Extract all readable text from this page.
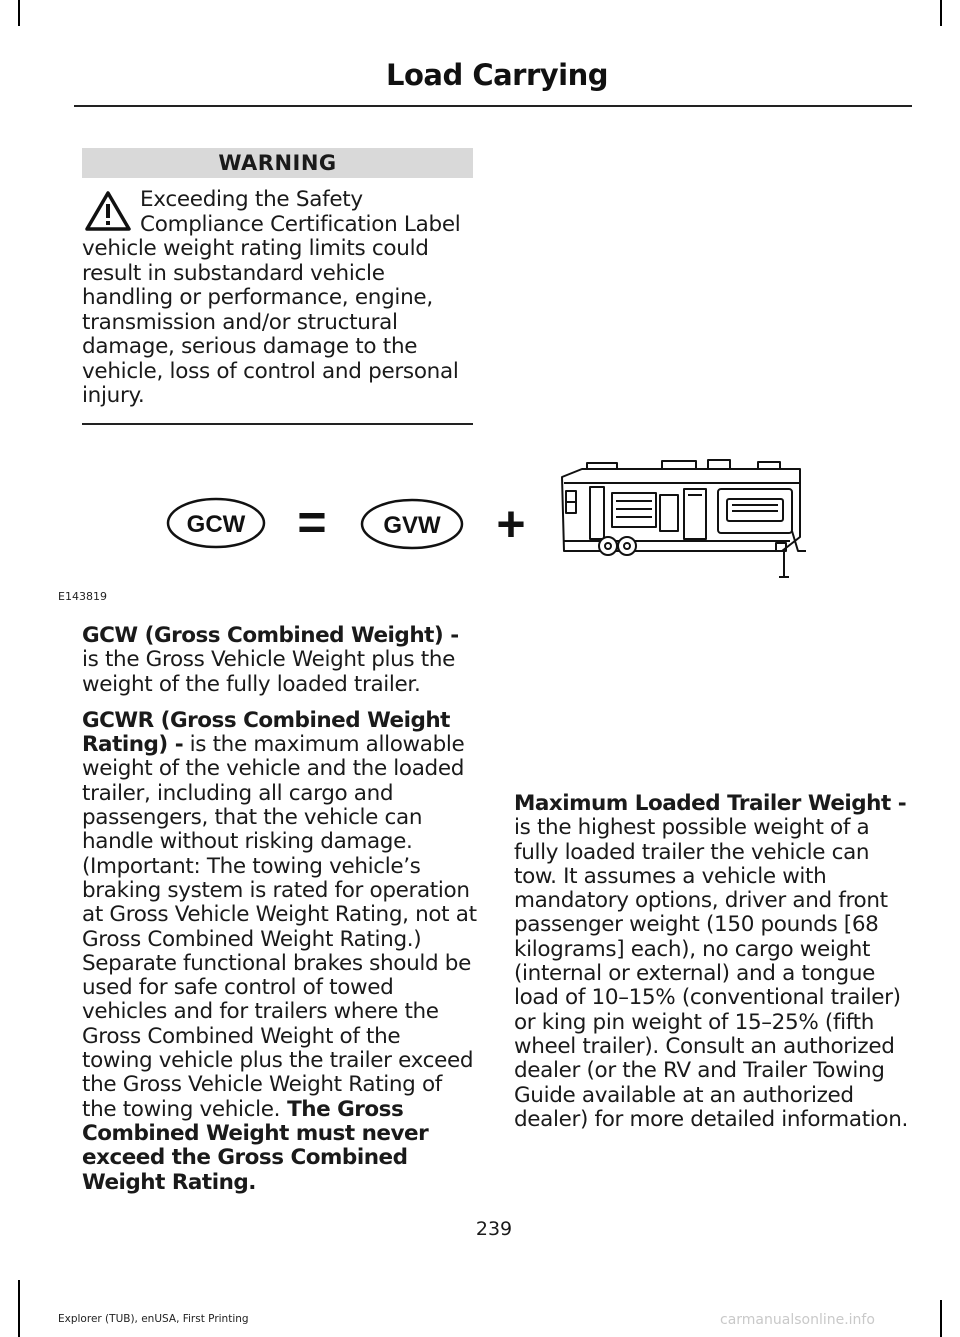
Load Carrying
WARNING
Exceeding the Safety Compliance Certification Label vehicle weight rating limits could result in substandard vehicle handling or performance, engine, transmission and/or structural damage, serious damage to the vehicle, loss of control and personal injury.
GCW = GVW +
E143819

GCW (Gross Combined Weight) - is the Gross Vehicle Weight plus the weight of the fully loaded trailer.

GCWR (Gross Combined Weight Rating) - is the maximum allowable weight of the vehicle and the loaded trailer, including all cargo and passengers, that the vehicle can handle without risking damage. (Important: The towing vehicle’s braking system is rated for operation at Gross Vehicle Weight Rating, not at Gross Combined Weight Rating.) Separate functional brakes should be used for safe control of towed vehicles and for trailers where the Gross Combined Weight of the towing vehicle plus the trailer exceed the Gross Vehicle Weight Rating of the towing vehicle. The Gross Combined Weight must never exceed the Gross Combined Weight Rating.

Maximum Loaded Trailer Weight - is the highest possible weight of a fully loaded trailer the vehicle can tow. It assumes a vehicle with mandatory options, driver and front passenger weight (150 pounds [68 kilograms] each), no cargo weight (internal or external) and a tongue load of 10–15% (conventional trailer) or king pin weight of 15–25% (fifth wheel trailer). Consult an authorized dealer (or the RV and Trailer Towing Guide available at an authorized dealer) for more detailed information.

239
Explorer (TUB), enUSA, First Printing	carmanualsonline.info
